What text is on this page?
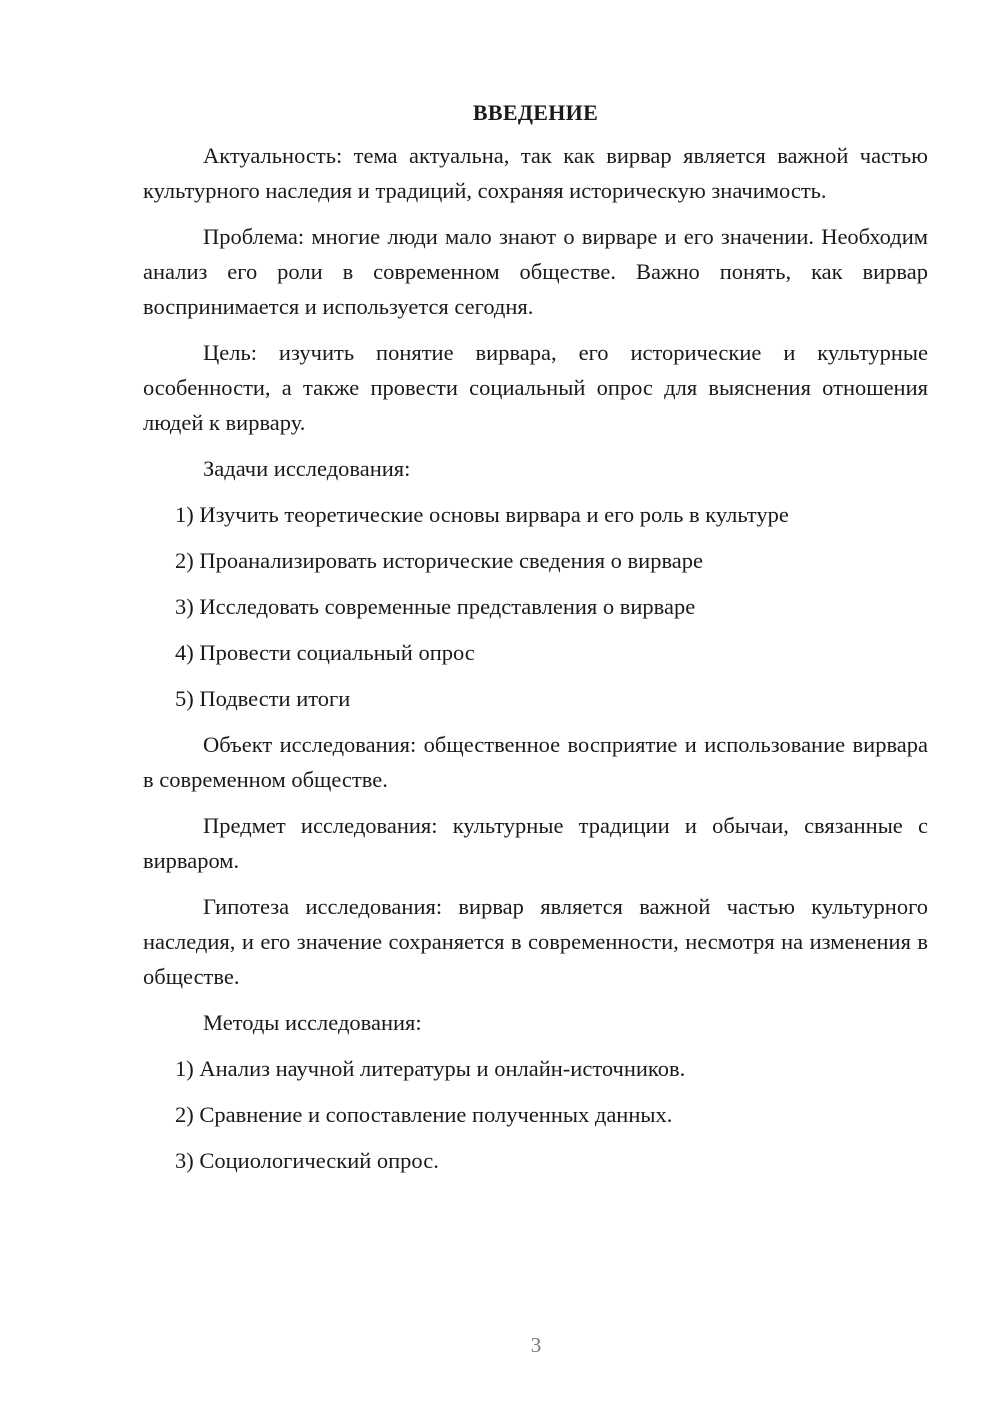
ВВЕДЕНИЕ

Актуальность: тема актуальна, так как вирвар является важной частью культурного наследия и традиций, сохраняя историческую значимость.

Проблема: многие люди мало знают о вирваре и его значении. Необходим анализ его роли в современном обществе. Важно понять, как вирвар воспринимается и используется сегодня.

Цель: изучить понятие вирвара, его исторические и культурные особенности, а также провести социальный опрос для выяснения отношения людей к вирвару.

Задачи исследования:

1) Изучить теоретические основы вирвара и его роль в культуре
2) Проанализировать исторические сведения о вирваре
3) Исследовать современные представления о вирваре
4) Провести социальный опрос
5) Подвести итоги

Объект исследования: общественное восприятие и использование вирвара в современном обществе.

Предмет исследования: культурные традиции и обычаи, связанные с вирваром.

Гипотеза исследования: вирвар является важной частью культурного наследия, и его значение сохраняется в современности, несмотря на изменения в обществе.

Методы исследования:

1) Анализ научной литературы и онлайн-источников.
2) Сравнение и сопоставление полученных данных.
3) Социологический опрос.
3
